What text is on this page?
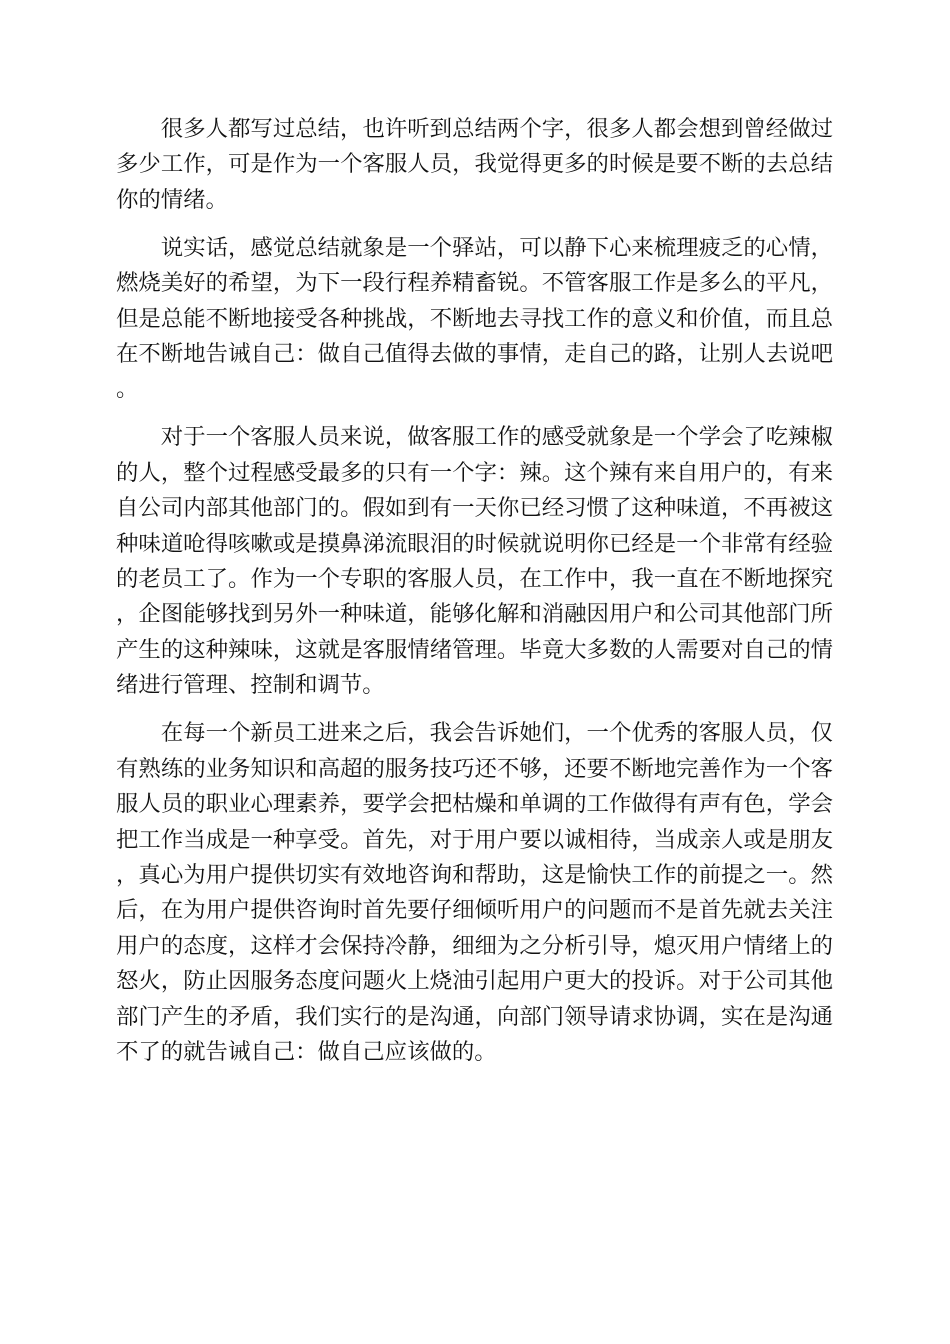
很多人都写过总结，也许听到总结两个字，很多人都会想到曾经做过多少工作，可是作为一个客服人员，我觉得更多的时候是要不断的去总结你的情绪。

说实话，感觉总结就象是一个驿站，可以静下心来梳理疲乏的心情，燃烧美好的希望，为下一段行程养精畜锐。不管客服工作是多么的平凡，但是总能不断地接受各种挑战，不断地去寻找工作的意义和价值，而且总在不断地告诫自己：做自己值得去做的事情，走自己的路，让别人去说吧。

对于一个客服人员来说，做客服工作的感受就象是一个学会了吃辣椒的人，整个过程感受最多的只有一个字：辣。这个辣有来自用户的，有来自公司内部其他部门的。假如到有一天你已经习惯了这种味道，不再被这种味道呛得咳嗽或是摸鼻涕流眼泪的时候就说明你已经是一个非常有经验的老员工了。作为一个专职的客服人员，在工作中，我一直在不断地探究，企图能够找到另外一种味道，能够化解和消融因用户和公司其他部门所产生的这种辣味，这就是客服情绪管理。毕竟大多数的人需要对自己的情绪进行管理、控制和调节。

在每一个新员工进来之后，我会告诉她们，一个优秀的客服人员，仅有熟练的业务知识和高超的服务技巧还不够，还要不断地完善作为一个客服人员的职业心理素养，要学会把枯燥和单调的工作做得有声有色，学会把工作当成是一种享受。首先，对于用户要以诚相待，当成亲人或是朋友，真心为用户提供切实有效地咨询和帮助，这是愉快工作的前提之一。然后，在为用户提供咨询时首先要仔细倾听用户的问题而不是首先就去关注用户的态度，这样才会保持冷静，细细为之分析引导，熄灭用户情绪上的怒火，防止因服务态度问题火上烧油引起用户更大的投诉。对于公司其他部门产生的矛盾，我们实行的是沟通，向部门领导请求协调，实在是沟通不了的就告诫自己：做自己应该做的。
